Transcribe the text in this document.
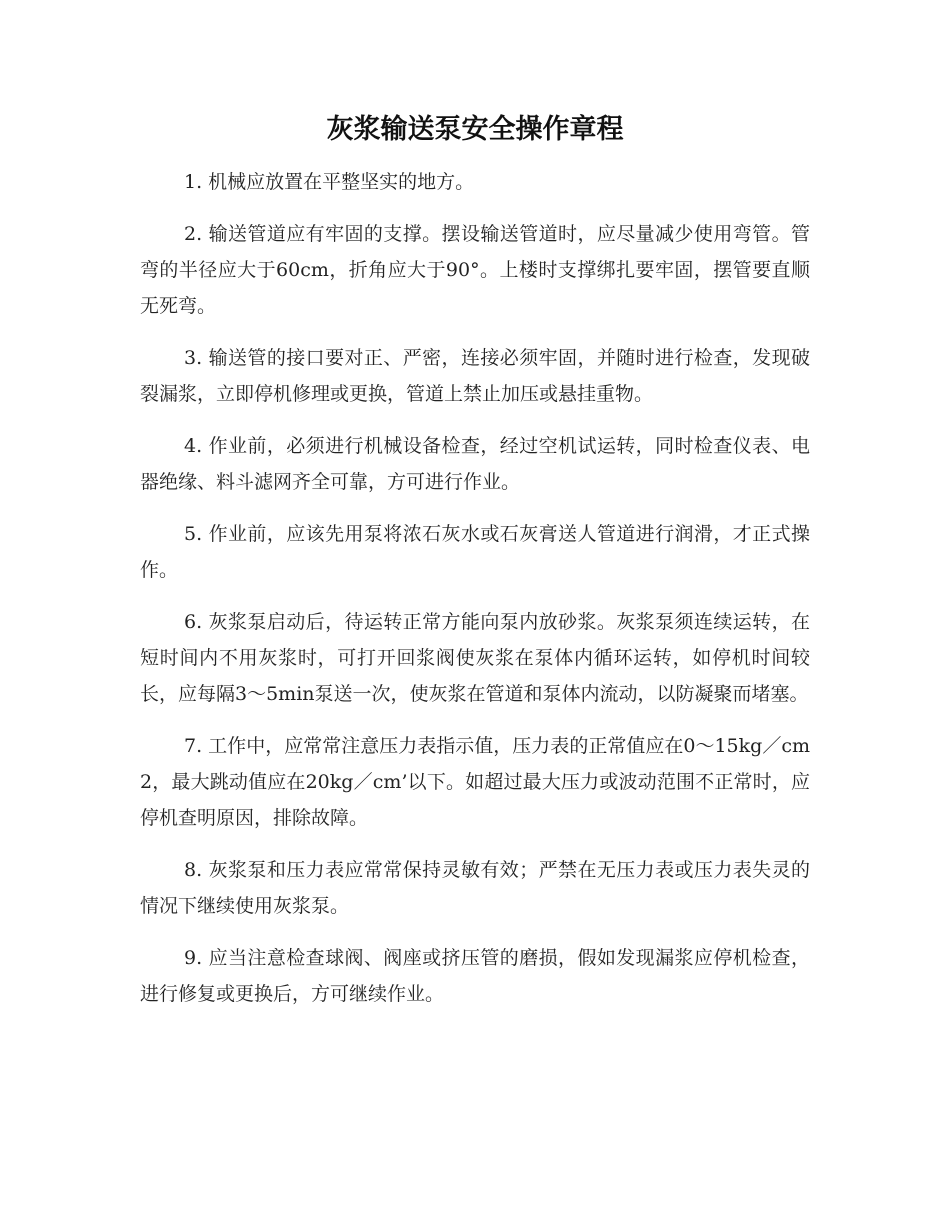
灰浆输送泵安全操作章程

1. 机械应放置在平整坚实的地方。

2. 输送管道应有牢固的支撑。摆设输送管道时，应尽量减少使用弯管。管弯的半径应大于60cm，折角应大于90°。上楼时支撑绑扎要牢固，摆管要直顺无死弯。

3. 输送管的接口要对正、严密，连接必须牢固，并随时进行检查，发现破裂漏浆，立即停机修理或更换，管道上禁止加压或悬挂重物。

4. 作业前，必须进行机械设备检查，经过空机试运转，同时检查仪表、电器绝缘、料斗滤网齐全可靠，方可进行作业。

5. 作业前，应该先用泵将浓石灰水或石灰膏送人管道进行润滑，才正式操作。

6. 灰浆泵启动后，待运转正常方能向泵内放砂浆。灰浆泵须连续运转，在短时间内不用灰浆时，可打开回浆阀使灰浆在泵体内循环运转，如停机时间较长，应每隔3～5min泵送一次，使灰浆在管道和泵体内流动，以防凝聚而堵塞。

7. 工作中，应常常注意压力表指示值，压力表的正常值应在0～15kg／cm2，最大跳动值应在20kg／cm’以下。如超过最大压力或波动范围不正常时，应停机查明原因，排除故障。

8. 灰浆泵和压力表应常常保持灵敏有效；严禁在无压力表或压力表失灵的情况下继续使用灰浆泵。

9. 应当注意检查球阀、阀座或挤压管的磨损，假如发现漏浆应停机检查，进行修复或更换后，方可继续作业。
